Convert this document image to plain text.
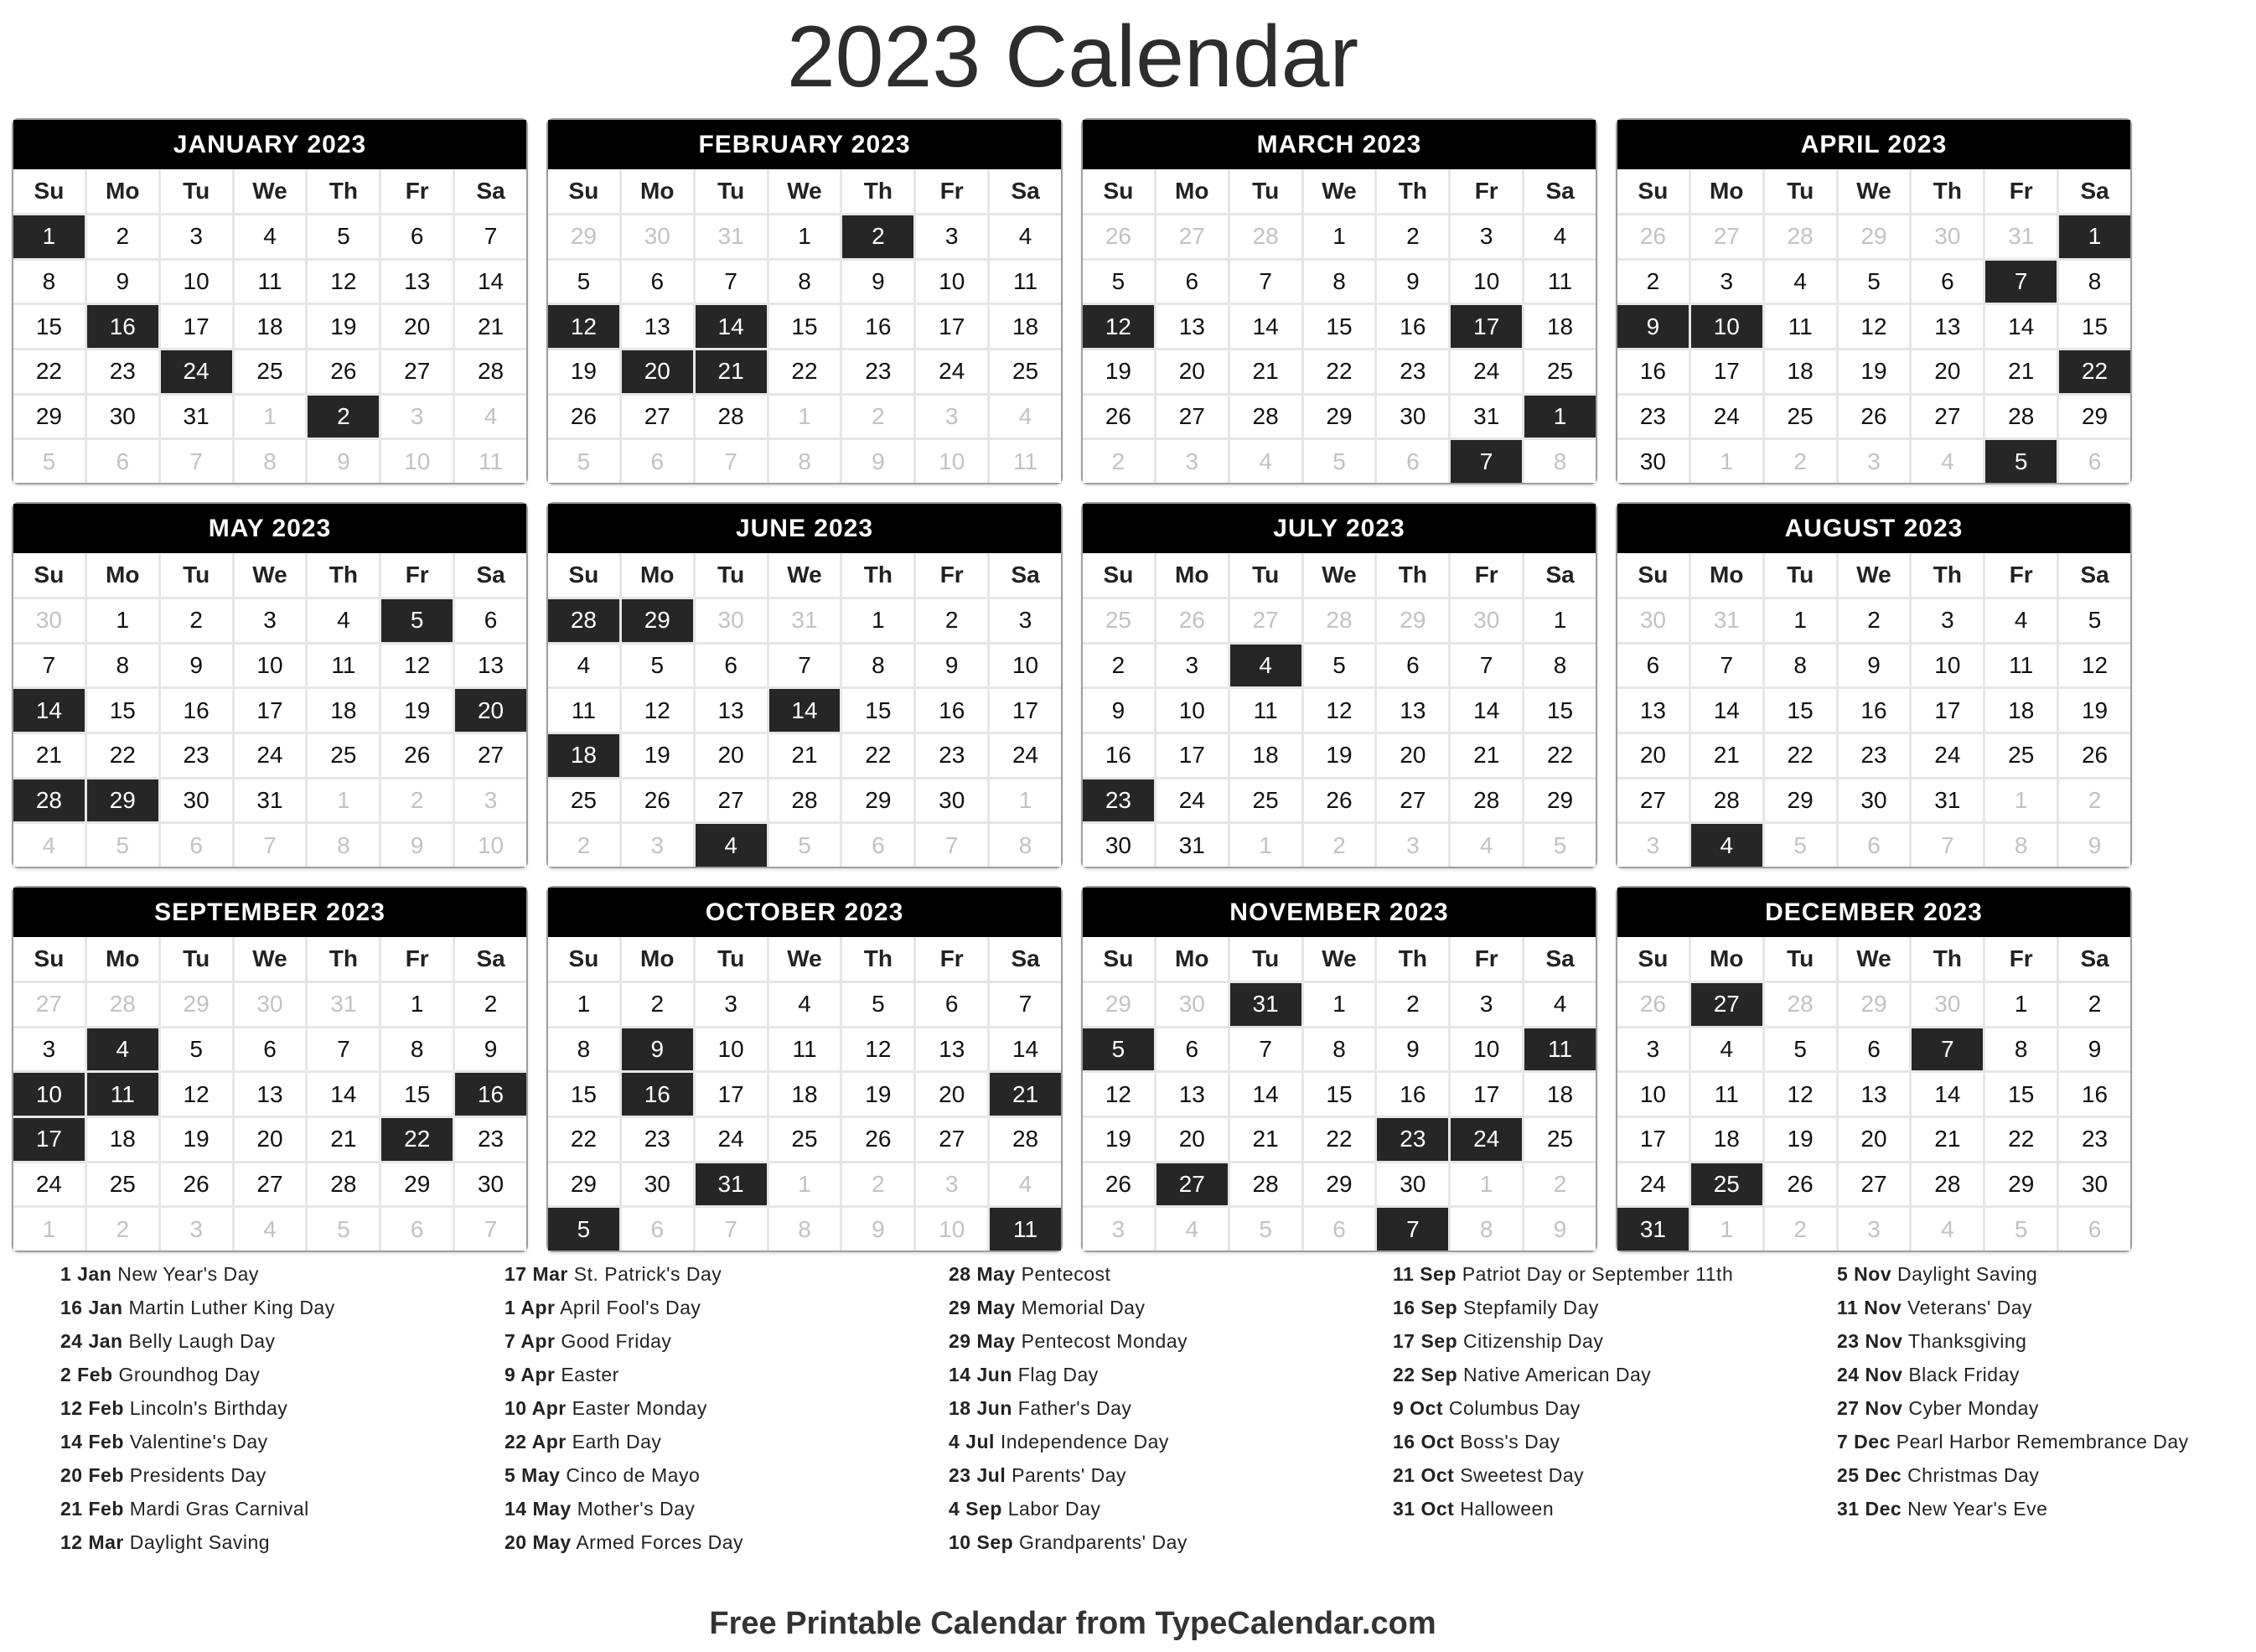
2023 Calendar
JANUARY 2023
Su	Mo	Tu	We	Th	Fr	Sa
1	2	3	4	5	6	7
8	9	10	11	12	13	14
15	16	17	18	19	20	21
22	23	24	25	26	27	28
29	30	31	1	2	3	4
5	6	7	8	9	10	11
FEBRUARY 2023
Su	Mo	Tu	We	Th	Fr	Sa
29	30	31	1	2	3	4
5	6	7	8	9	10	11
12	13	14	15	16	17	18
19	20	21	22	23	24	25
26	27	28	1	2	3	4
5	6	7	8	9	10	11
MARCH 2023
Su	Mo	Tu	We	Th	Fr	Sa
26	27	28	1	2	3	4
5	6	7	8	9	10	11
12	13	14	15	16	17	18
19	20	21	22	23	24	25
26	27	28	29	30	31	1
2	3	4	5	6	7	8
APRIL 2023
Su	Mo	Tu	We	Th	Fr	Sa
26	27	28	29	30	31	1
2	3	4	5	6	7	8
9	10	11	12	13	14	15
16	17	18	19	20	21	22
23	24	25	26	27	28	29
30	1	2	3	4	5	6
MAY 2023
Su	Mo	Tu	We	Th	Fr	Sa
30	1	2	3	4	5	6
7	8	9	10	11	12	13
14	15	16	17	18	19	20
21	22	23	24	25	26	27
28	29	30	31	1	2	3
4	5	6	7	8	9	10
JUNE 2023
Su	Mo	Tu	We	Th	Fr	Sa
28	29	30	31	1	2	3
4	5	6	7	8	9	10
11	12	13	14	15	16	17
18	19	20	21	22	23	24
25	26	27	28	29	30	1
2	3	4	5	6	7	8
JULY 2023
Su	Mo	Tu	We	Th	Fr	Sa
25	26	27	28	29	30	1
2	3	4	5	6	7	8
9	10	11	12	13	14	15
16	17	18	19	20	21	22
23	24	25	26	27	28	29
30	31	1	2	3	4	5
AUGUST 2023
Su	Mo	Tu	We	Th	Fr	Sa
30	31	1	2	3	4	5
6	7	8	9	10	11	12
13	14	15	16	17	18	19
20	21	22	23	24	25	26
27	28	29	30	31	1	2
3	4	5	6	7	8	9
SEPTEMBER 2023
Su	Mo	Tu	We	Th	Fr	Sa
27	28	29	30	31	1	2
3	4	5	6	7	8	9
10	11	12	13	14	15	16
17	18	19	20	21	22	23
24	25	26	27	28	29	30
1	2	3	4	5	6	7
OCTOBER 2023
Su	Mo	Tu	We	Th	Fr	Sa
1	2	3	4	5	6	7
8	9	10	11	12	13	14
15	16	17	18	19	20	21
22	23	24	25	26	27	28
29	30	31	1	2	3	4
5	6	7	8	9	10	11
NOVEMBER 2023
Su	Mo	Tu	We	Th	Fr	Sa
29	30	31	1	2	3	4
5	6	7	8	9	10	11
12	13	14	15	16	17	18
19	20	21	22	23	24	25
26	27	28	29	30	1	2
3	4	5	6	7	8	9
DECEMBER 2023
Su	Mo	Tu	We	Th	Fr	Sa
26	27	28	29	30	1	2
3	4	5	6	7	8	9
10	11	12	13	14	15	16
17	18	19	20	21	22	23
24	25	26	27	28	29	30
31	1	2	3	4	5	6
1 Jan New Year's Day
16 Jan Martin Luther King Day
24 Jan Belly Laugh Day
2 Feb Groundhog Day
12 Feb Lincoln's Birthday
14 Feb Valentine's Day
20 Feb Presidents Day
21 Feb Mardi Gras Carnival
12 Mar Daylight Saving
17 Mar St. Patrick's Day
1 Apr April Fool's Day
7 Apr Good Friday
9 Apr Easter
10 Apr Easter Monday
22 Apr Earth Day
5 May Cinco de Mayo
14 May Mother's Day
20 May Armed Forces Day
28 May Pentecost
29 May Memorial Day
29 May Pentecost Monday
14 Jun Flag Day
18 Jun Father's Day
4 Jul Independence Day
23 Jul Parents' Day
4 Sep Labor Day
10 Sep Grandparents' Day
11 Sep Patriot Day or September 11th
16 Sep Stepfamily Day
17 Sep Citizenship Day
22 Sep Native American Day
9 Oct Columbus Day
16 Oct Boss's Day
21 Oct Sweetest Day
31 Oct Halloween
5 Nov Daylight Saving
11 Nov Veterans' Day
23 Nov Thanksgiving
24 Nov Black Friday
27 Nov Cyber Monday
7 Dec Pearl Harbor Remembrance Day
25 Dec Christmas Day
31 Dec New Year's Eve
Free Printable Calendar from TypeCalendar.com
